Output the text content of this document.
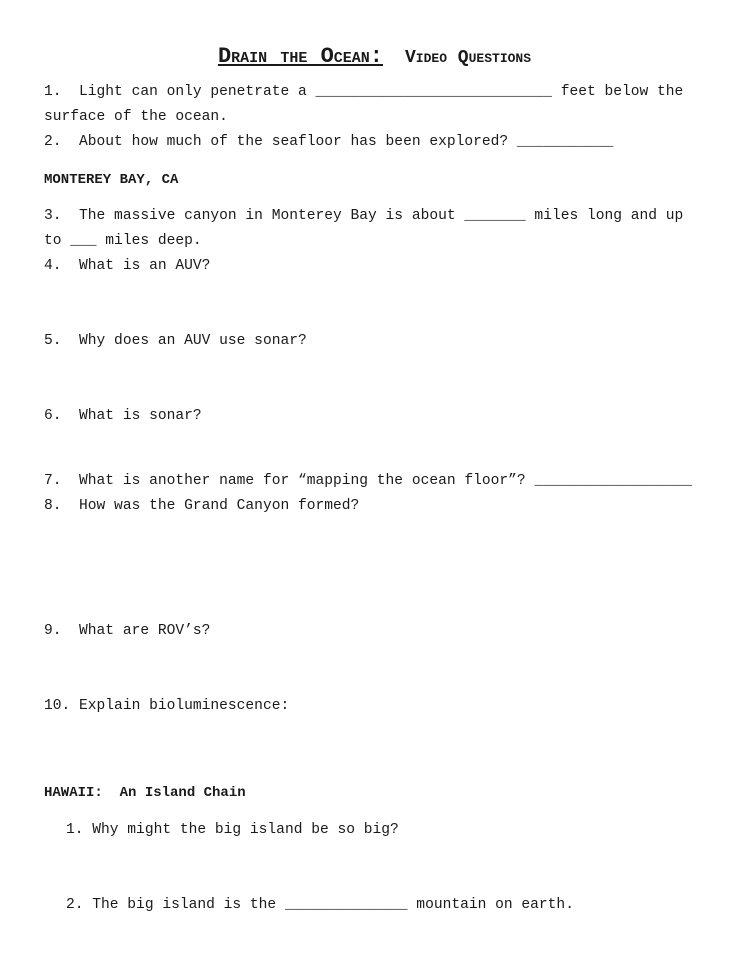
Drain the Ocean: Video Questions
1.  Light can only penetrate a ___________________________ feet below the
surface of the ocean.
2.  About how much of the seafloor has been explored? ___________
MONTEREY BAY, CA
3.  The massive canyon in Monterey Bay is about _______ miles long and up
to ___ miles deep.
4.  What is an AUV?
5.  Why does an AUV use sonar?
6.  What is sonar?
7.  What is another name for “mapping the ocean floor”? __________________
8.  How was the Grand Canyon formed?
9.  What are ROV’s?
10. Explain bioluminescence:
HAWAII:  An Island Chain
1. Why might the big island be so big?
2. The big island is the ______________ mountain on earth.
